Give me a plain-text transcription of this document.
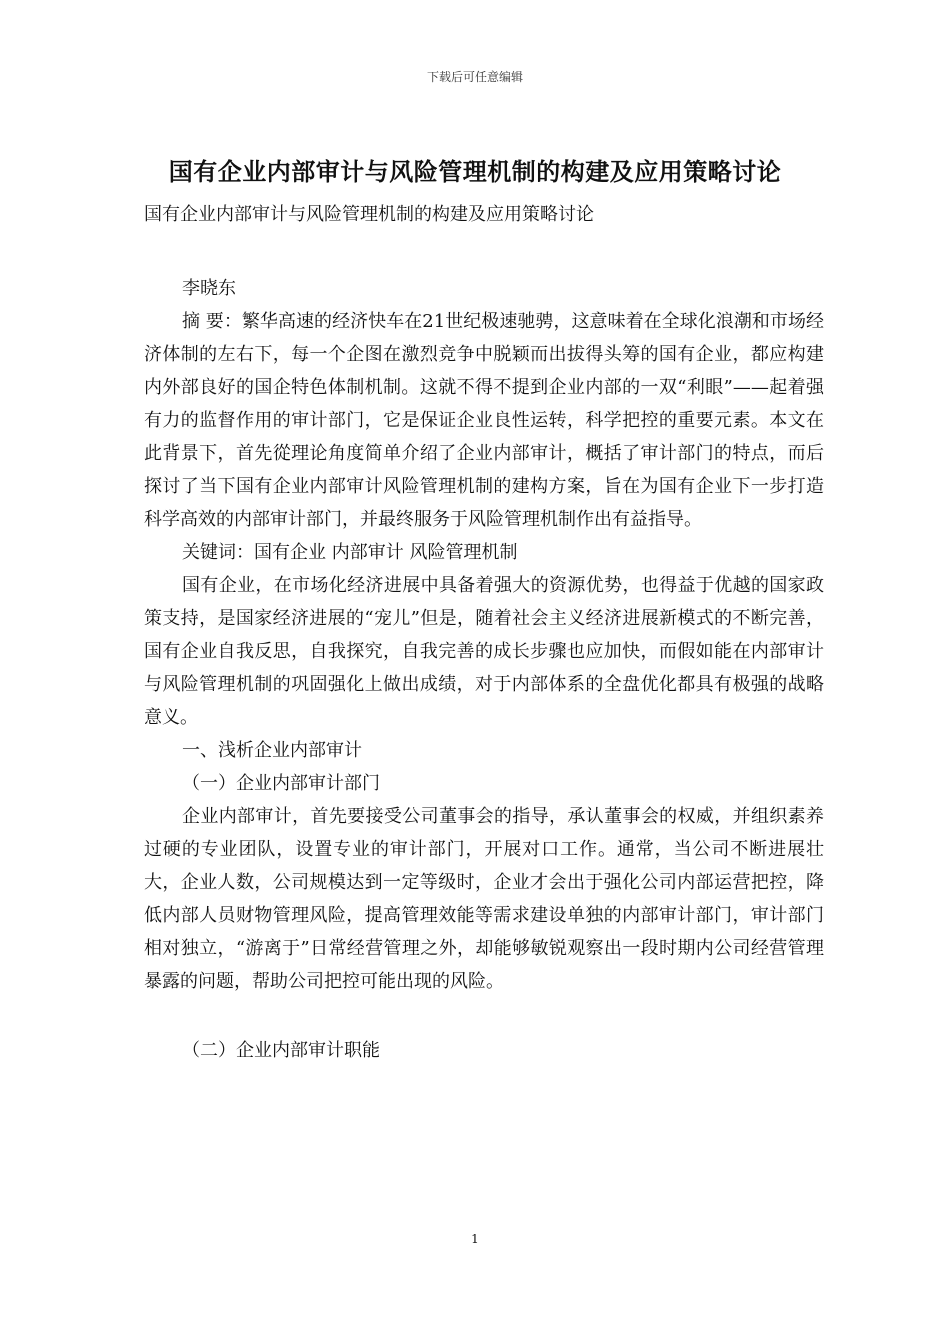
下载后可任意编辑
国有企业内部审计与风险管理机制的构建及应用策略讨论
国有企业内部审计与风险管理机制的构建及应用策略讨论

李晓东

摘 要：繁华高速的经济快车在21世纪极速驰骋，这意味着在全球化浪潮和市场经济体制的左右下，每一个企图在激烈竞争中脱颖而出拔得头筹的国有企业，都应构建内外部良好的国企特色体制机制。这就不得不提到企业内部的一双“利眼”——起着强有力的监督作用的审计部门，它是保证企业良性运转，科学把控的重要元素。本文在此背景下，首先從理论角度简单介绍了企业内部审计，概括了审计部门的特点，而后探讨了当下国有企业内部审计风险管理机制的建构方案，旨在为国有企业下一步打造科学高效的内部审计部门，并最终服务于风险管理机制作出有益指导。

关键词：国有企业 内部审计 风险管理机制

国有企业，在市场化经济进展中具备着强大的资源优势，也得益于优越的国家政策支持，是国家经济进展的“宠儿”但是，随着社会主义经济进展新模式的不断完善，国有企业自我反思，自我探究，自我完善的成长步骤也应加快，而假如能在内部审计与风险管理机制的巩固强化上做出成绩，对于内部体系的全盘优化都具有极强的战略意义。

一、浅析企业内部审计

（一）企业内部审计部门

企业内部审计，首先要接受公司董事会的指导，承认董事会的权威，并组织素养过硬的专业团队，设置专业的审计部门，开展对口工作。通常，当公司不断进展壮大，企业人数，公司规模达到一定等级时，企业才会出于强化公司内部运营把控，降低内部人员财物管理风险，提高管理效能等需求建设单独的内部审计部门，审计部门相对独立，“游离于”日常经营管理之外，却能够敏锐观察出一段时期内公司经营管理暴露的问题，帮助公司把控可能出现的风险。

（二）企业内部审计职能

1
